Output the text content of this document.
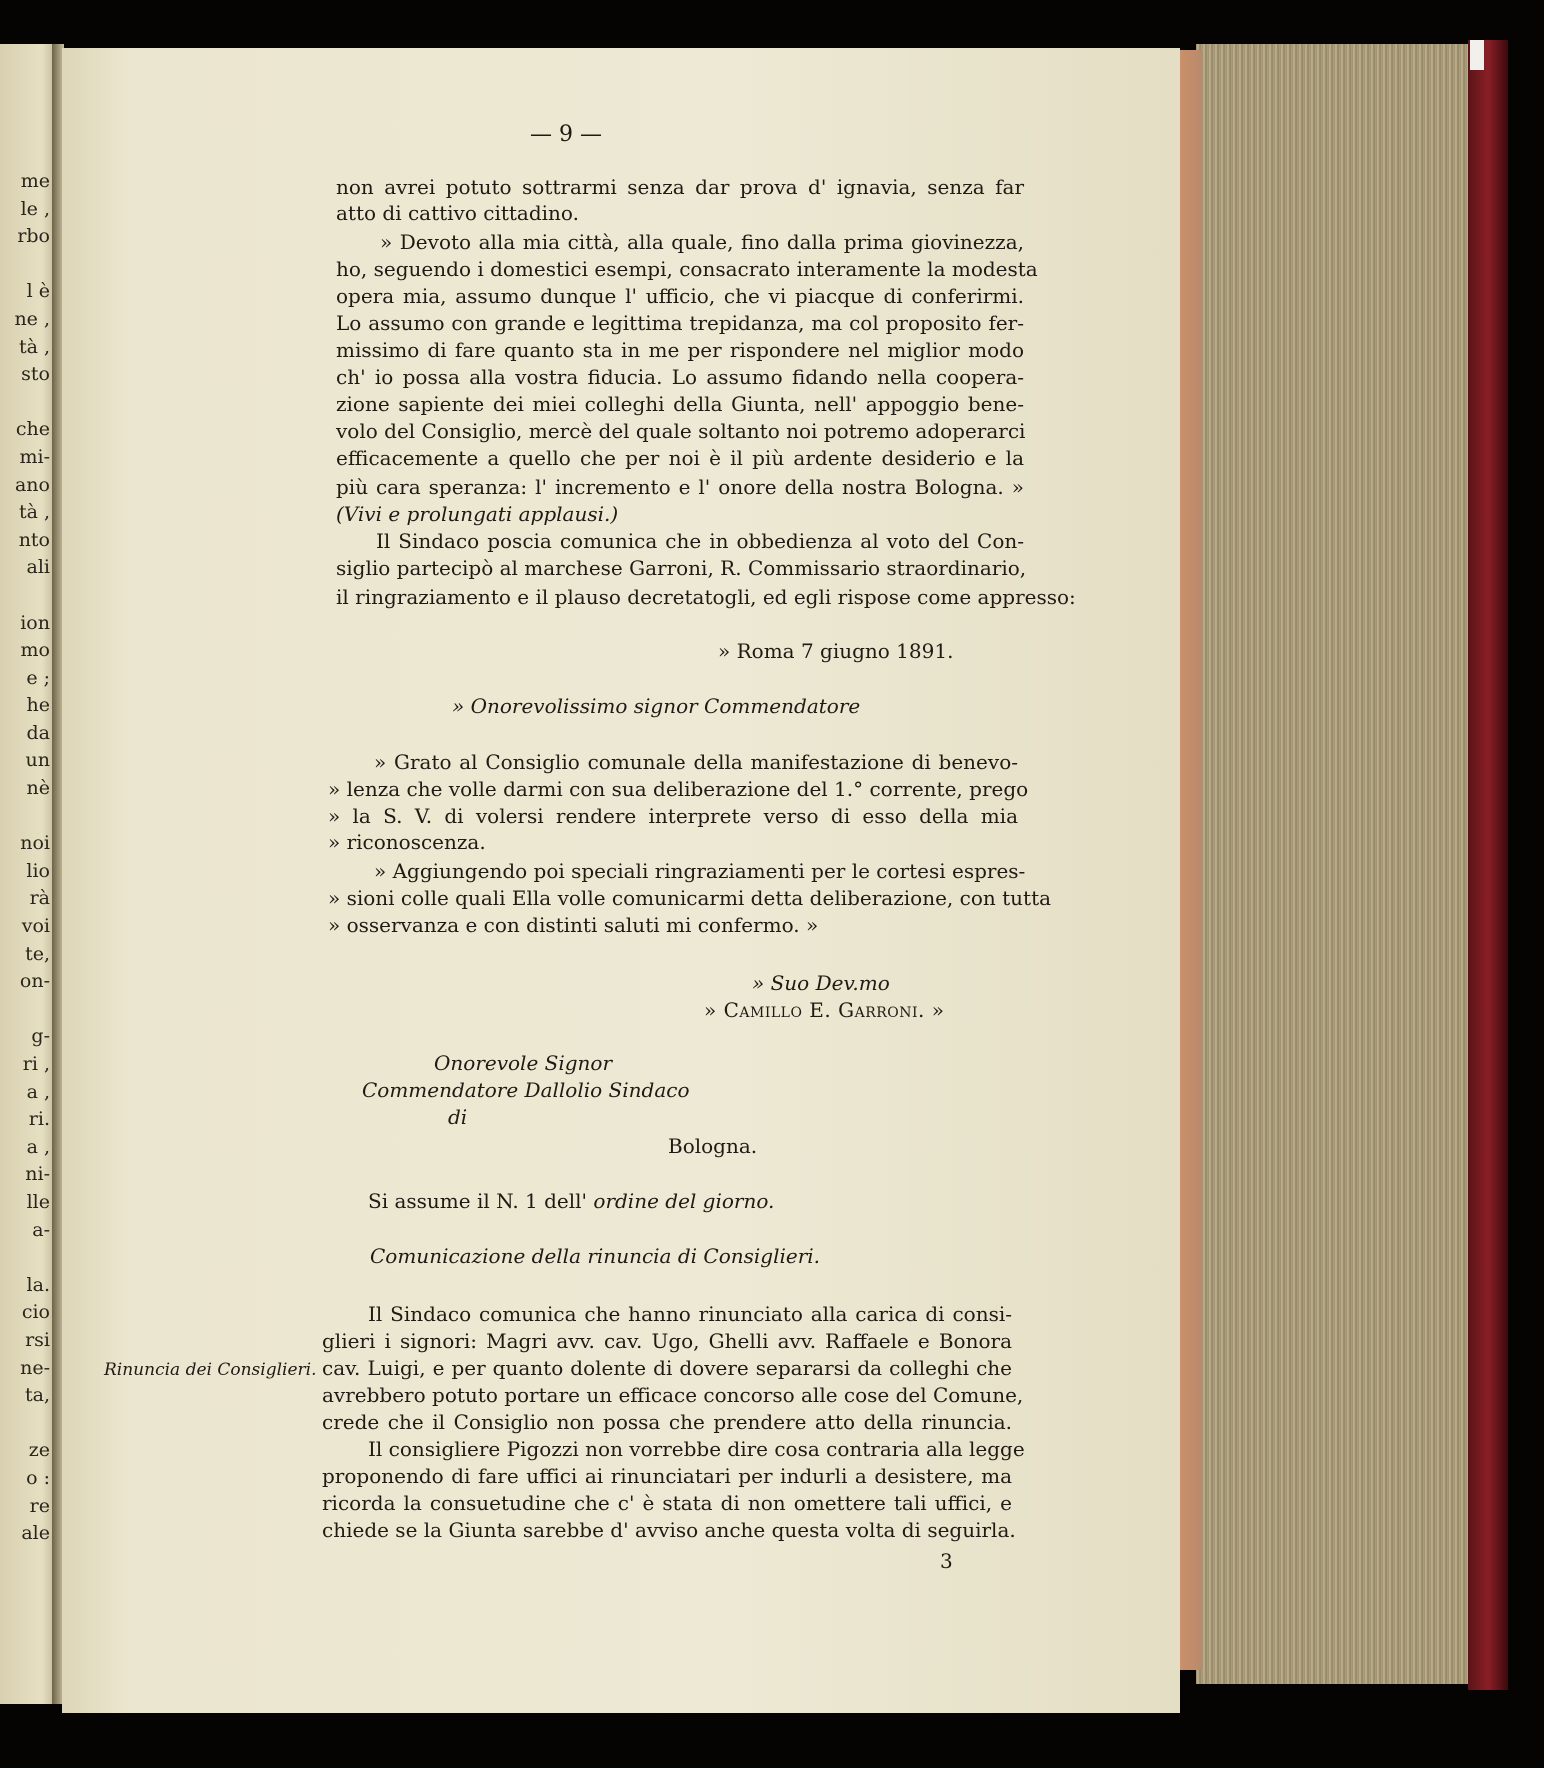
me
le ,
rbo
l è
ne ,
tà ,
sto
che
mi-
ano
tà ,
nto
ali
ion
mo
e ;
he
da
un
nè
noi
lio
rà
voi
te,
on-
g-
ri ,
a ,
ri.
a ,
ni-
lle
a-
la.
cio
rsi
ne-
ta,
ze
o :
re
ale
— 9 —
non avrei potuto sottrarmi senza dar prova d' ignavia, senza far
atto di cattivo cittadino.
» Devoto alla mia città, alla quale, fino dalla prima giovinezza,
ho, seguendo i domestici esempi, consacrato interamente la modesta
opera mia, assumo dunque l' ufficio, che vi piacque di conferirmi.
Lo assumo con grande e legittima trepidanza, ma col proposito fer-
missimo di fare quanto sta in me per rispondere nel miglior modo
ch' io possa alla vostra fiducia. Lo assumo fidando nella coopera-
zione sapiente dei miei colleghi della Giunta, nell' appoggio bene-
volo del Consiglio, mercè del quale soltanto noi potremo adoperarci
efficacemente a quello che per noi è il più ardente desiderio e la
più cara speranza: l' incremento e l' onore della nostra Bologna. »
(Vivi e prolungati applausi.)
Il Sindaco poscia comunica che in obbedienza al voto del Con-
siglio partecipò al marchese Garroni, R. Commissario straordinario,
il ringraziamento e il plauso decretatogli, ed egli rispose come appresso:
» Roma 7 giugno 1891.
» Onorevolissimo signor Commendatore
» Grato al Consiglio comunale della manifestazione di benevo-
» lenza che volle darmi con sua deliberazione del 1.° corrente, prego
» la S. V. di volersi rendere interprete verso di esso della mia
» riconoscenza.
» Aggiungendo poi speciali ringraziamenti per le cortesi espres-
» sioni colle quali Ella volle comunicarmi detta deliberazione, con tutta
» osservanza e con distinti saluti mi confermo. »
» Suo Dev.mo
» Camillo E. Garroni. »
Onorevole Signor
Commendatore Dallolio Sindaco
di
Bologna.
Si assume il N. 1 dell' ordine del giorno.
Comunicazione della rinuncia di Consiglieri.
Il Sindaco comunica che hanno rinunciato alla carica di consi-
glieri i signori: Magri avv. cav. Ugo, Ghelli avv. Raffaele e Bonora
cav. Luigi, e per quanto dolente di dovere separarsi da colleghi che
avrebbero potuto portare un efficace concorso alle cose del Comune,
crede che il Consiglio non possa che prendere atto della rinuncia.
Il consigliere Pigozzi non vorrebbe dire cosa contraria alla legge
proponendo di fare uffici ai rinunciatari per indurli a desistere, ma
ricorda la consuetudine che c' è stata di non omettere tali uffici, e
chiede se la Giunta sarebbe d' avviso anche questa volta di seguirla.
Rinuncia dei Consiglieri.
3
